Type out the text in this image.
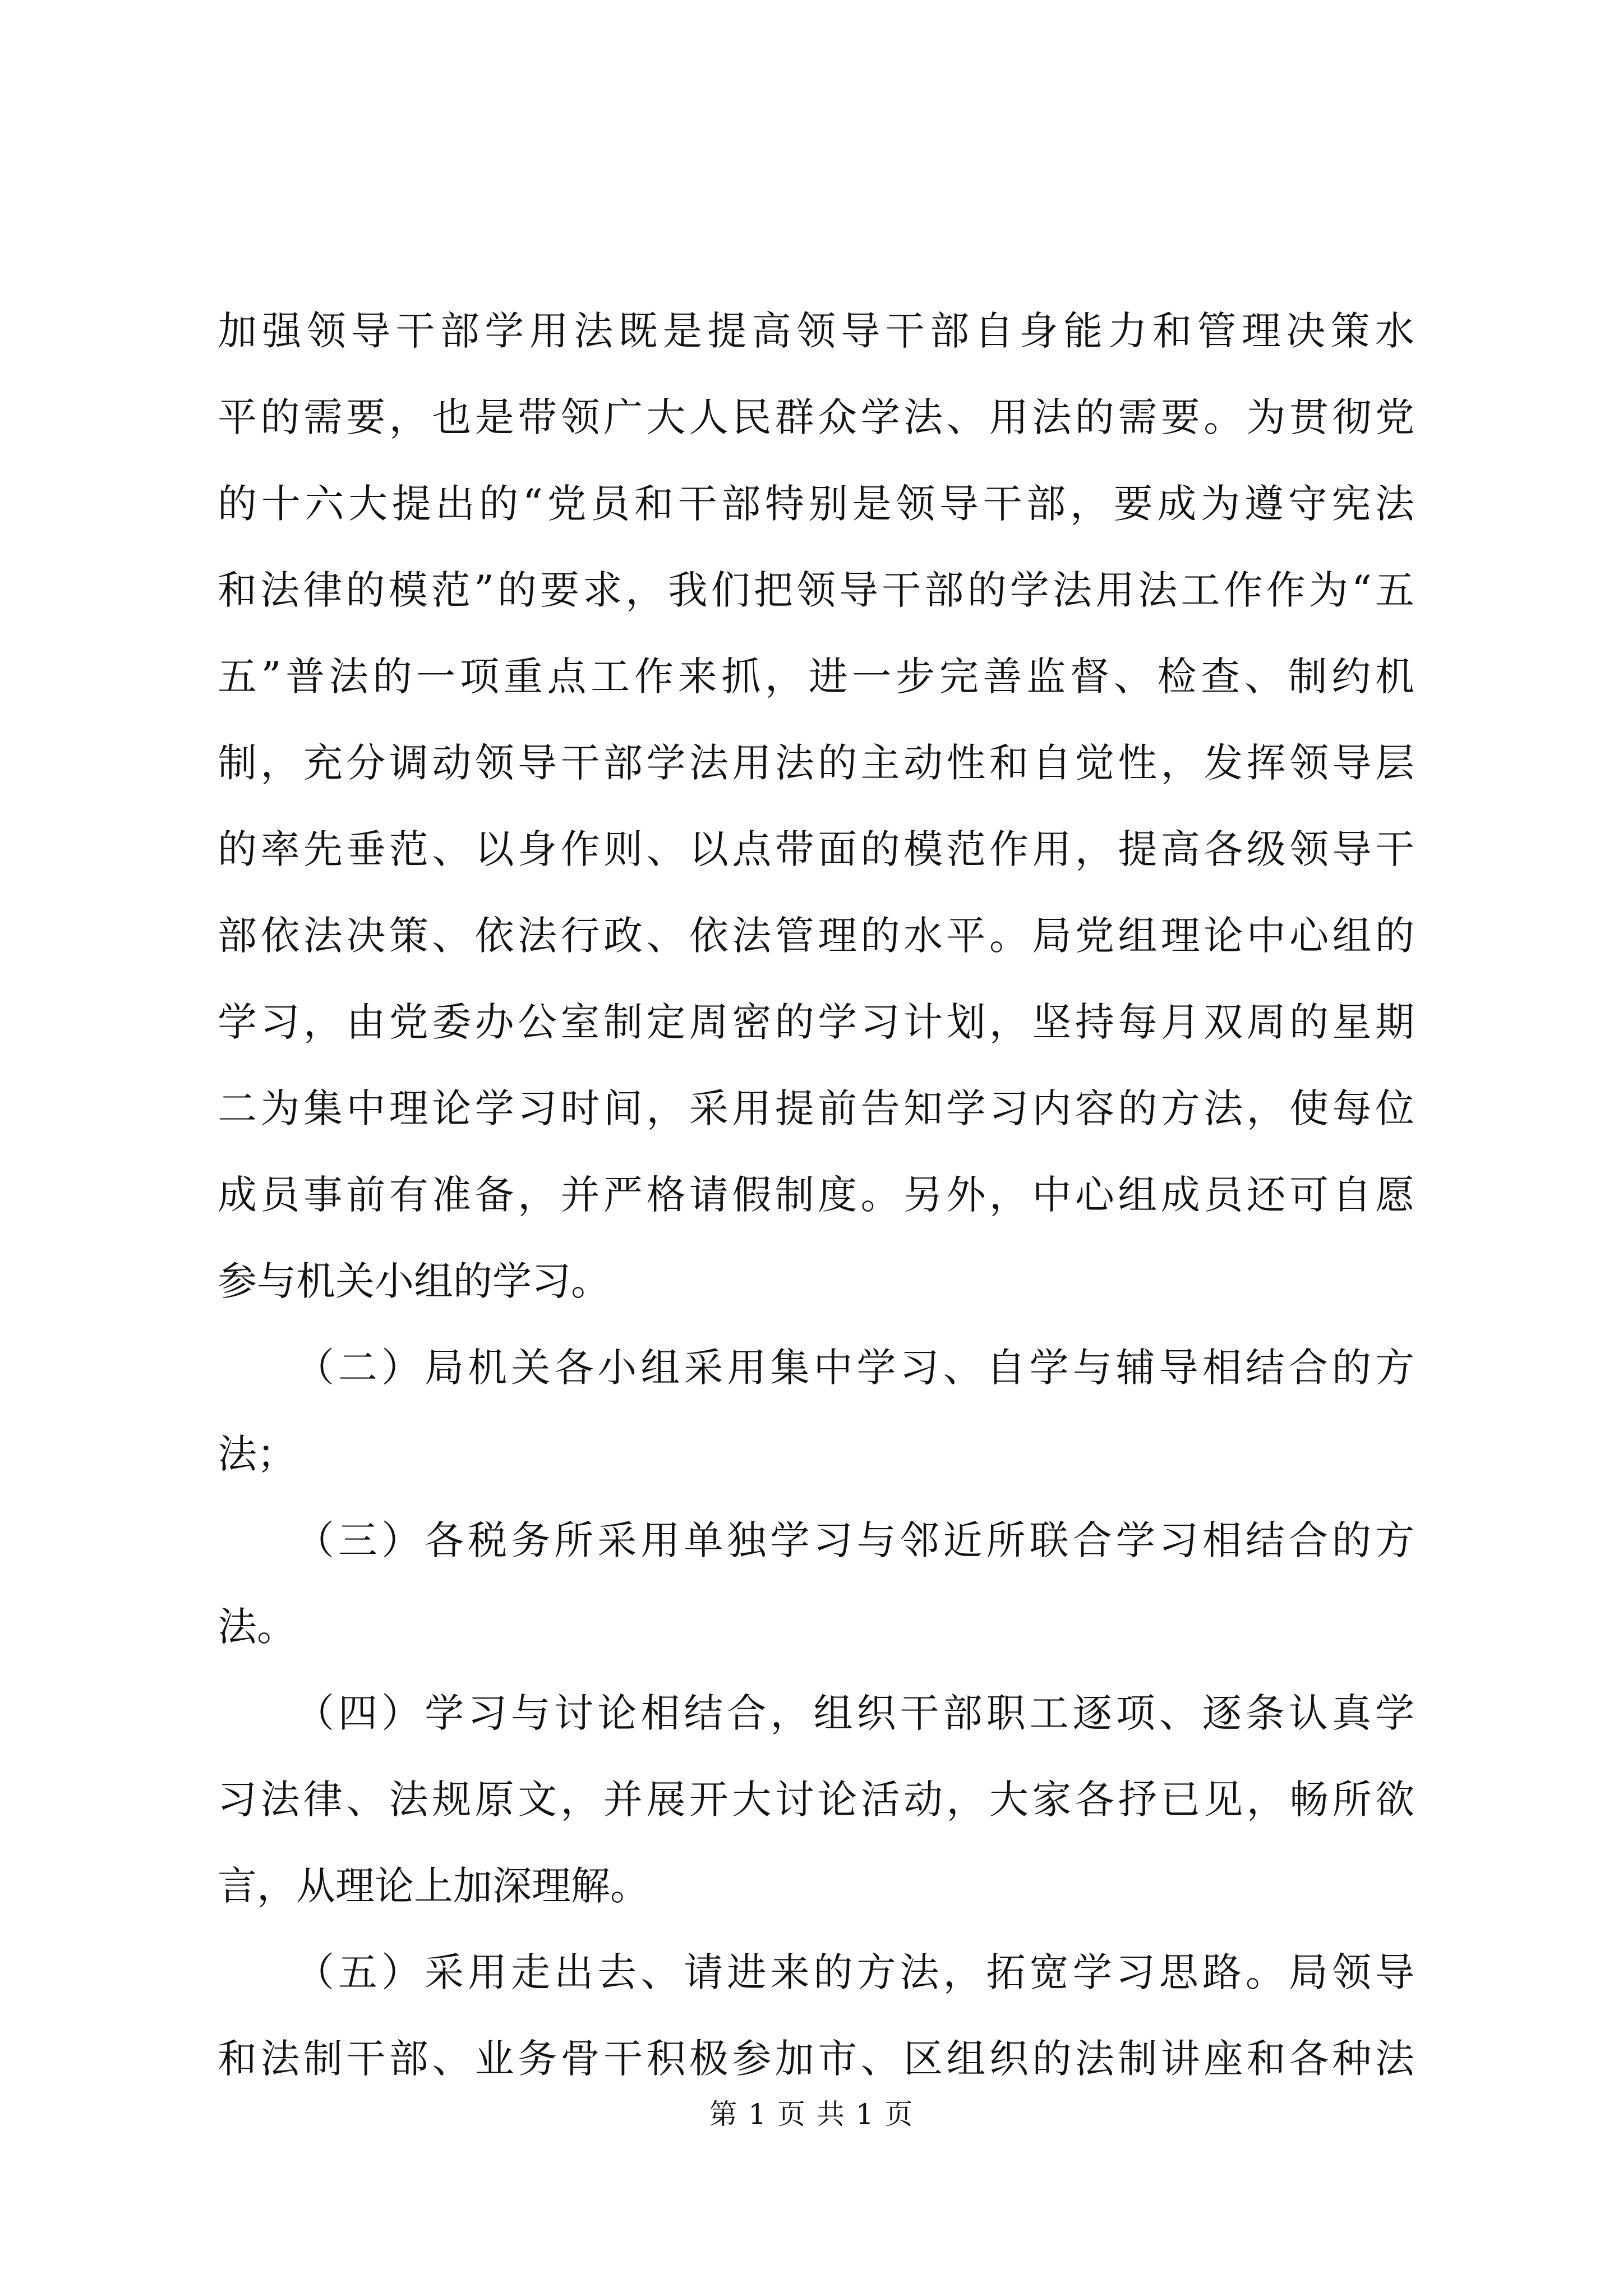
加强领导干部学用法既是提高领导干部自身能力和管理决策水
平的需要，也是带领广大人民群众学法、用法的需要。为贯彻党
的十六大提出的“党员和干部特别是领导干部，要成为遵守宪法
和法律的模范”的要求，我们把领导干部的学法用法工作作为“五
五”普法的一项重点工作来抓，进一步完善监督、检查、制约机
制，充分调动领导干部学法用法的主动性和自觉性，发挥领导层
的率先垂范、以身作则、以点带面的模范作用，提高各级领导干
部依法决策、依法行政、依法管理的水平。局党组理论中心组的
学习，由党委办公室制定周密的学习计划，坚持每月双周的星期
二为集中理论学习时间，采用提前告知学习内容的方法，使每位
成员事前有准备，并严格请假制度。另外，中心组成员还可自愿
参与机关小组的学习。
（二）局机关各小组采用集中学习、自学与辅导相结合的方
法；
（三）各税务所采用单独学习与邻近所联合学习相结合的方
法。
（四）学习与讨论相结合，组织干部职工逐项、逐条认真学
习法律、法规原文，并展开大讨论活动，大家各抒已见，畅所欲
言，从理论上加深理解。
（五）采用走出去、请进来的方法，拓宽学习思路。局领导
和法制干部、业务骨干积极参加市、区组织的法制讲座和各种法
第 1 页 共 1 页
